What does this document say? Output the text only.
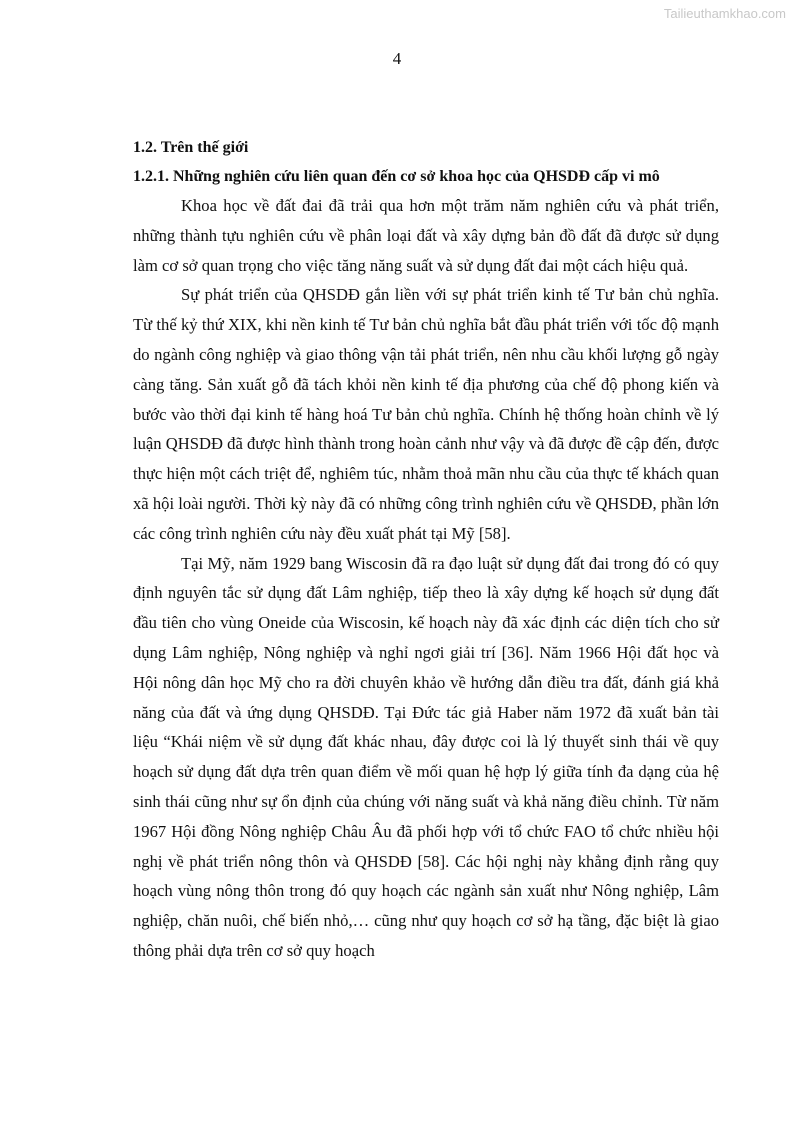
Tailieuthamkhao.com
4

1.2. Trên thế giới

1.2.1. Những nghiên cứu liên quan đến cơ sở khoa học của QHSDĐ cấp vi mô

Khoa học về đất đai đã trải qua hơn một trăm năm nghiên cứu và phát triển, những thành tựu nghiên cứu về phân loại đất và xây dựng bản đồ đất đã được sử dụng làm cơ sở quan trọng cho việc tăng năng suất và sử dụng đất đai một cách hiệu quả.

Sự phát triển của QHSDĐ gắn liền với sự phát triển kinh tế Tư bản chủ nghĩa. Từ thế kỷ thứ XIX, khi nền kinh tế Tư bản chủ nghĩa bắt đầu phát triển với tốc độ mạnh do ngành công nghiệp và giao thông vận tải phát triển, nên nhu cầu khối lượng gỗ ngày càng tăng. Sản xuất gỗ đã tách khỏi nền kinh tế địa phương của chế độ phong kiến và bước vào thời đại kinh tế hàng hoá Tư bản chủ nghĩa. Chính hệ thống hoàn chỉnh về lý luận QHSDĐ đã được hình thành trong hoàn cảnh như vậy và đã được đề cập đến, được thực hiện một cách triệt để, nghiêm túc, nhằm thoả mãn nhu cầu của thực tế khách quan xã hội loài người. Thời kỳ này đã có những công trình nghiên cứu về QHSDĐ, phần lớn các công trình nghiên cứu này đều xuất phát tại Mỹ [58].

Tại Mỹ, năm 1929 bang Wiscosin đã ra đạo luật sử dụng đất đai trong đó có quy định nguyên tắc sử dụng đất Lâm nghiệp, tiếp theo là xây dựng kế hoạch sử dụng đất đầu tiên cho vùng Oneide của Wiscosin, kế hoạch này đã xác định các diện tích cho sử dụng Lâm nghiệp, Nông nghiệp và nghỉ ngơi giải trí [36]. Năm 1966 Hội đất học và Hội nông dân học Mỹ cho ra đời chuyên khảo về hướng dẫn điều tra đất, đánh giá khả năng của đất và ứng dụng QHSDĐ. Tại Đức tác giả Haber năm 1972 đã xuất bản tài liệu “Khái niệm về sử dụng đất khác nhau, đây được coi là lý thuyết sinh thái về quy hoạch sử dụng đất dựa trên quan điểm về mối quan hệ hợp lý giữa tính đa dạng của hệ sinh thái cũng như sự ổn định của chúng với năng suất và khả năng điều chỉnh. Từ năm 1967 Hội đồng Nông nghiệp Châu Âu đã phối hợp với tổ chức FAO tổ chức nhiều hội nghị về phát triển nông thôn và QHSDĐ [58]. Các hội nghị này khẳng định rằng quy hoạch vùng nông thôn trong đó quy hoạch các ngành sản xuất như Nông nghiệp, Lâm nghiệp, chăn nuôi, chế biến nhỏ,… cũng như quy hoạch cơ sở hạ tầng, đặc biệt là giao thông phải dựa trên cơ sở quy hoạch
